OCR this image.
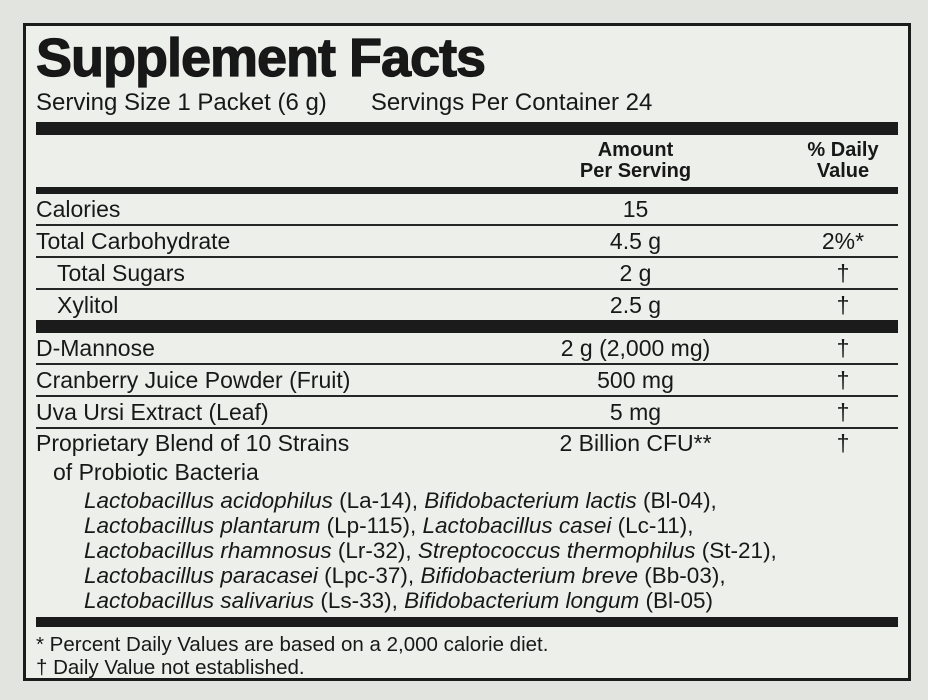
Supplement Facts
Serving Size 1 Packet (6 g) Servings Per Container 24
Amount
Per Serving
% Daily
Value
Calories	15
Total Carbohydrate	4.5 g	2%*
Total Sugars	2 g	†
Xylitol	2.5 g	†
D-Mannose	2 g (2,000 mg)	†
Cranberry Juice Powder (Fruit)	500 mg	†
Uva Ursi Extract (Leaf)	5 mg	†
Proprietary Blend of 10 Strains
of Probiotic Bacteria
2 Billion CFU**	†
Lactobacillus acidophilus (La-14), Bifidobacterium lactis (Bl-04),
Lactobacillus plantarum (Lp-115), Lactobacillus casei (Lc-11),
Lactobacillus rhamnosus (Lr-32), Streptococcus thermophilus (St-21),
Lactobacillus paracasei (Lpc-37), Bifidobacterium breve (Bb-03),
Lactobacillus salivarius (Ls-33), Bifidobacterium longum (Bl-05)
* Percent Daily Values are based on a 2,000 calorie diet.
† Daily Value not established.
